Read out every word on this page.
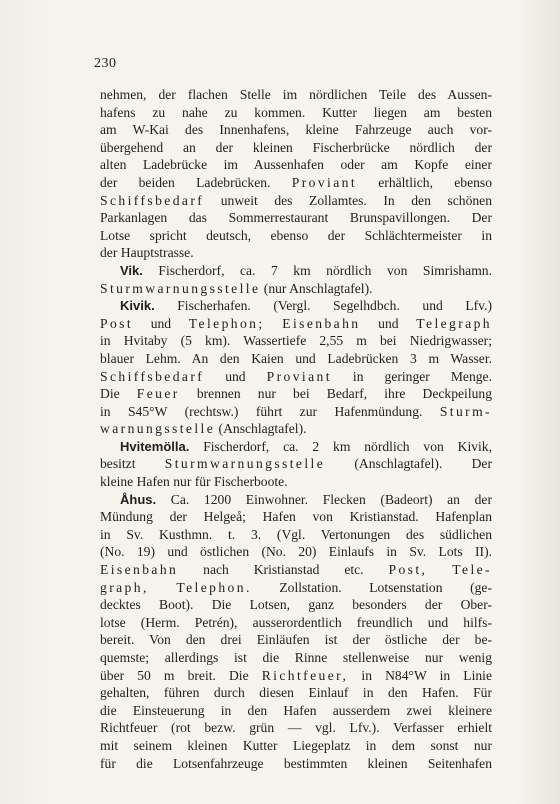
230
nehmen, der flachen Stelle im nördlichen Teile des Aussen-
hafens zu nahe zu kommen. Kutter liegen am besten
am W-Kai des Innenhafens, kleine Fahrzeuge auch vor-
übergehend an der kleinen Fischerbrücke nördlich der
alten Ladebrücke im Aussenhafen oder am Kopfe einer
der beiden Ladebrücken. Proviant erhältlich, ebenso
Schiffsbedarf unweit des Zollamtes. In den schönen
Parkanlagen das Sommerrestaurant Brunspavillongen. Der
Lotse spricht deutsch, ebenso der Schlächtermeister in
der Hauptstrasse.
Vik. Fischerdorf, ca. 7 km nördlich von Simrishamn.
Sturmwarnungsstelle (nur Anschlagtafel).
Kivik. Fischerhafen. (Vergl. Segelhdbch. und Lfv.)
Post und Telephon; Eisenbahn und Telegraph
in Hvitaby (5 km). Wassertiefe 2,55 m bei Niedrigwasser;
blauer Lehm. An den Kaien und Ladebrücken 3 m Wasser.
Schiffsbedarf und Proviant in geringer Menge.
Die Feuer brennen nur bei Bedarf, ihre Deckpeilung
in S45°W (rechtsw.) führt zur Hafenmündung. Sturm-
warnungsstelle (Anschlagtafel).
Hvitemölla. Fischerdorf, ca. 2 km nördlich von Kivik,
besitzt Sturmwarnungsstelle (Anschlagtafel). Der
kleine Hafen nur für Fischerboote.
Åhus. Ca. 1200 Einwohner. Flecken (Badeort) an der
Mündung der Helgeå; Hafen von Kristianstad. Hafenplan
in Sv. Kusthmn. t. 3. (Vgl. Vertonungen des südlichen
(No. 19) und östlichen (No. 20) Einlaufs in Sv. Lots II).
Eisenbahn nach Kristianstad etc. Post, Tele-
graph, Telephon. Zollstation. Lotsenstation (ge-
decktes Boot). Die Lotsen, ganz besonders der Ober-
lotse (Herm. Petrén), ausserordentlich freundlich und hilfs-
bereit. Von den drei Einläufen ist der östliche der be-
quemste; allerdings ist die Rinne stellenweise nur wenig
über 50 m breit. Die Richtfeuer, in N84°W in Linie
gehalten, führen durch diesen Einlauf in den Hafen. Für
die Einsteuerung in den Hafen ausserdem zwei kleinere
Richtfeuer (rot bezw. grün — vgl. Lfv.). Verfasser erhielt
mit seinem kleinen Kutter Liegeplatz in dem sonst nur
für die Lotsenfahrzeuge bestimmten kleinen Seitenhafen
